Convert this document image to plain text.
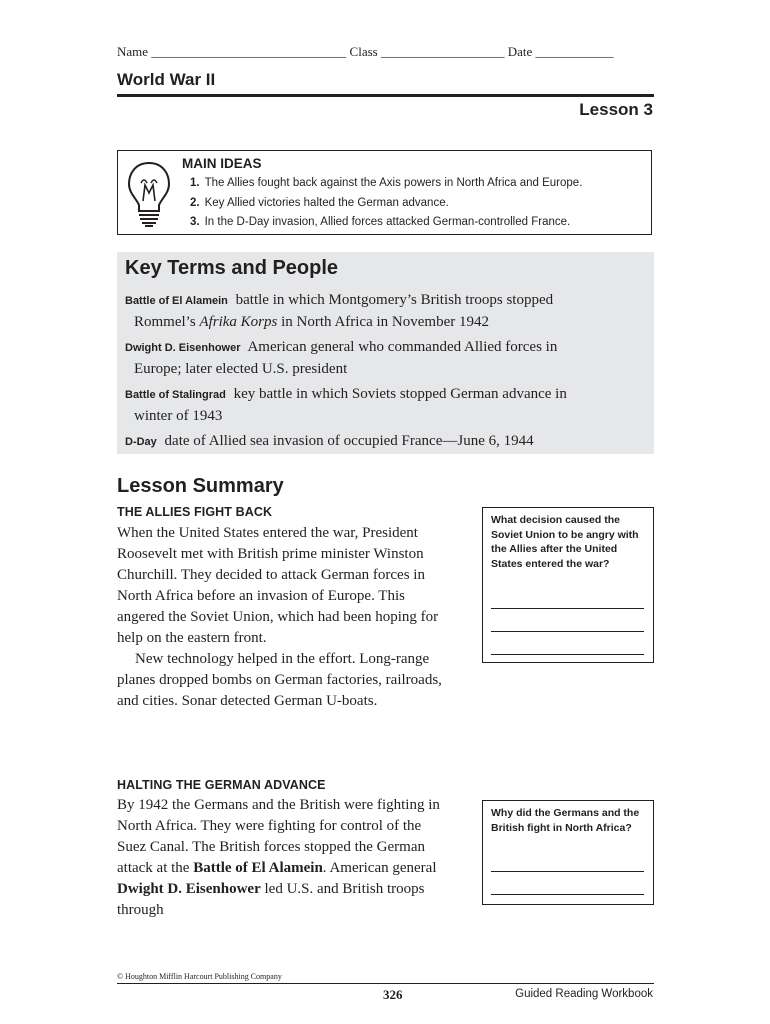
Name ______________________________ Class ___________________ Date ____________
World War II
Lesson 3
MAIN IDEAS
1. The Allies fought back against the Axis powers in North Africa and Europe.
2. Key Allied victories halted the German advance.
3. In the D-Day invasion, Allied forces attacked German-controlled France.
Key Terms and People
Battle of El Alamein battle in which Montgomery’s British troops stopped
Rommel’s Afrika Korps in North Africa in November 1942
Dwight D. Eisenhower American general who commanded Allied forces in
Europe; later elected U.S. president
Battle of Stalingrad key battle in which Soviets stopped German advance in
winter of 1943
D-Day date of Allied sea invasion of occupied France—June 6, 1944
Lesson Summary
THE ALLIES FIGHT BACK

When the United States entered the war, President Roosevelt met with British prime minister Winston Churchill. They decided to attack German forces in North Africa before an invasion of Europe. This angered the Soviet Union, which had been hoping for help on the eastern front.

New technology helped in the effort. Long-range planes dropped bombs on German factories, railroads, and cities. Sonar detected German U-boats.

HALTING THE GERMAN ADVANCE

By 1942 the Germans and the British were fighting in North Africa. They were fighting for control of the Suez Canal. The British forces stopped the German attack at the Battle of El Alamein. American general Dwight D. Eisenhower led U.S. and British troops through

What decision caused the Soviet Union to be angry with the Allies after the United States entered the war?
Why did the Germans and the British fight in North Africa?
© Houghton Mifflin Harcourt Publishing Company
326	Guided Reading Workbook
